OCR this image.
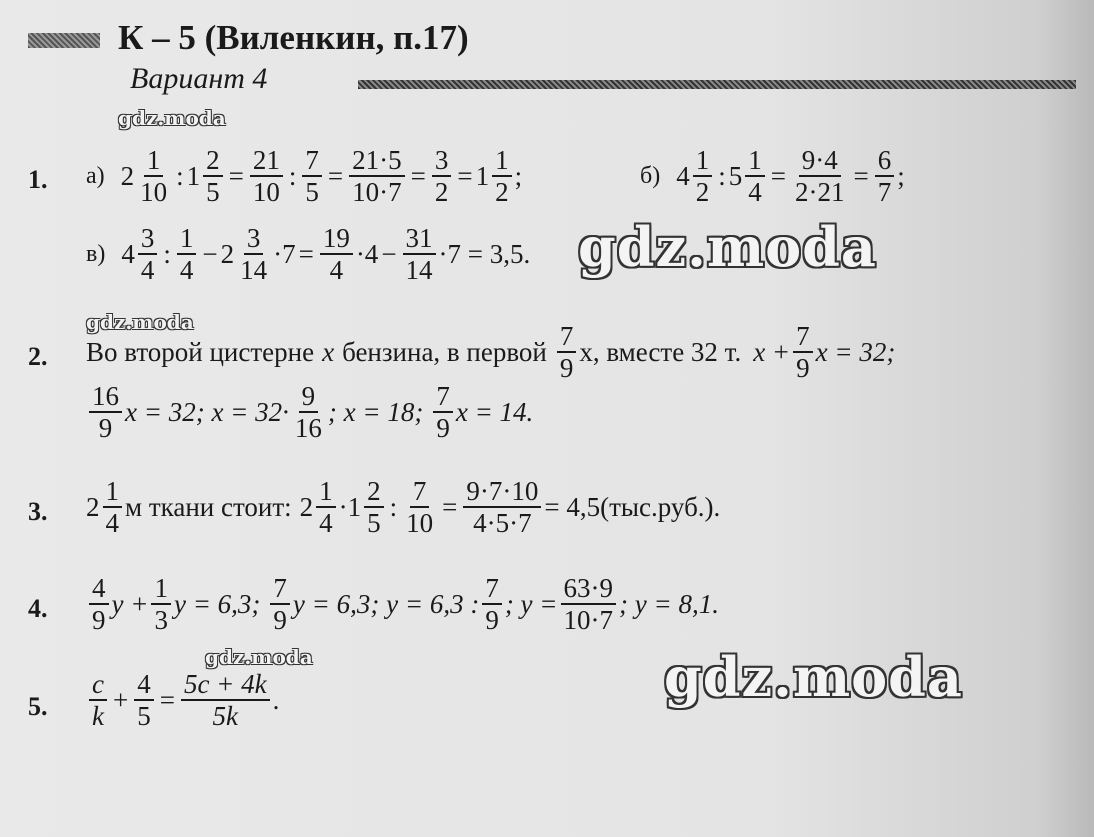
К – 5 (Виленкин, п.17)
Вариант 4
gdz.moda
gdz.moda
gdz.moda
gdz.moda	gdz.moda
1. а) $2 \frac{1}{10}$ : $1 \frac{2}{5} = \frac{21}{10}$ : $\frac{7}{5} = \frac{21\cdot 5}{10\cdot 7} = \frac{3}{2} = 1 \frac{1}{2}$ ;	б) $4 \frac{1}{2}$ : $5 \frac{1}{4} = \frac{9\cdot 4}{2\cdot 21} = \frac{6}{7}$ ;
в) $4 \frac{3}{4}$ : $\frac{1}{4} - 2 \frac{3}{14} \cdot 7 = \frac{19}{4} \cdot 4 - \frac{31}{14} \cdot 7 = 3,5$.
2. Во второй цистерне x бензина, в первой $\frac{7}{9} x$, вместе 32 т. $x + \frac{7}{9}$ x = 32;
$\frac{16}{9}$ x = 32; $x = 32\cdot \frac{9}{16}$ ; x = 18; $\frac{7}{9}$ x = 14.
3. $2 \frac{1}{4}$ м ткани стоит: $2 \frac{1}{4} \cdot 1 \frac{2}{5}$ : $\frac{7}{10} = \frac{9\cdot 7\cdot 10}{4\cdot 5\cdot 7} = 4,5(тыс.руб.)$.
4. $\frac{4}{9}$ $y + \frac{1}{3}$ y = 6,3; $\frac{7}{9}$ y = 6,3; y = 6,3 : $\frac{7}{9}$ ; $y = \frac{63\cdot 9}{10\cdot 7}$ ; y = 8,1.
5. $\frac{c}{k} + \frac{4}{5} = \frac{5c + 4k}{5k}$ .
